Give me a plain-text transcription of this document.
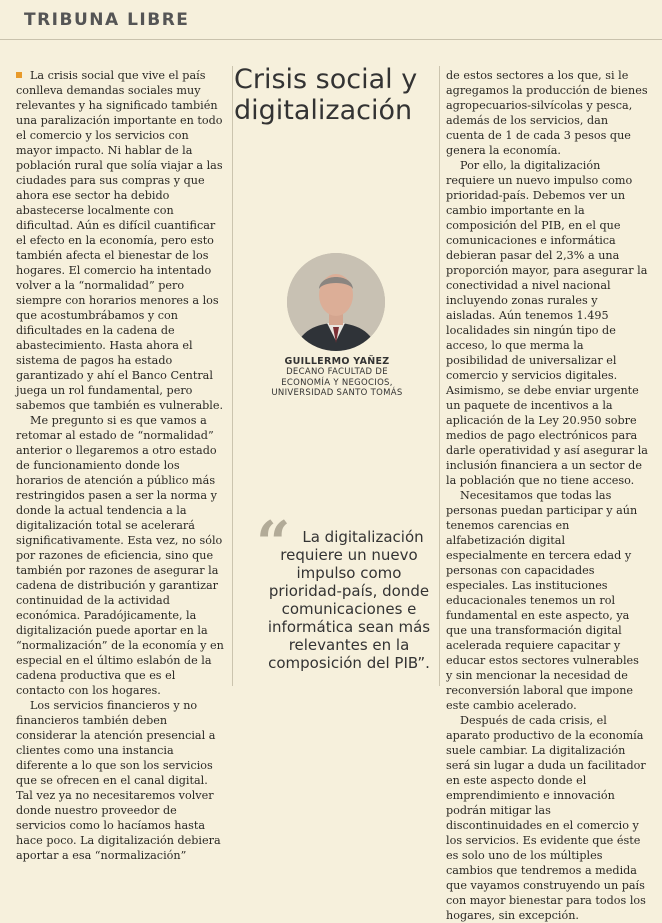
TRIBUNA LIBRE

La crisis social que vive el país conlleva demandas sociales muy relevantes y ha significado también una paralización importante en todo el comercio y los servicios con mayor impacto. Ni hablar de la población rural que solía viajar a las ciudades para sus compras y que ahora ese sector ha debido abastecerse localmente con dificultad. Aún es difícil cuantificar el efecto en la economía, pero esto también afecta el bienestar de los hogares. El comercio ha intentado volver a la “normalidad” pero siempre con horarios menores a los que acostumbrábamos y con dificultades en la cadena de abastecimiento. Hasta ahora el sistema de pagos ha estado garantizado y ahí el Banco Central juega un rol fundamental, pero sabemos que también es vulnerable.

Me pregunto si es que vamos a retomar al estado de “normalidad” anterior o llegaremos a otro estado de funcionamiento donde los horarios de atención a público más restringidos pasen a ser la norma y donde la actual tendencia a la digitalización total se acelerará significativamente. Esta vez, no sólo por razones de eficiencia, sino que también por razones de asegurar la cadena de distribución y garantizar continuidad de la actividad económica. Paradójicamente, la digitalización puede aportar en la “normalización” de la economía y en especial en el último eslabón de la cadena productiva que es el contacto con los hogares.

Los servicios financieros y no financieros también deben considerar la atención presencial a clientes como una instancia diferente a lo que son los servicios que se ofrecen en el canal digital. Tal vez ya no necesitaremos volver donde nuestro proveedor de servicios como lo hacíamos hasta hace poco. La digitalización debiera aportar a esa “normalización”

Crisis social y digitalización
GUILLERMO YAÑEZ
DECANO FACULTAD DE ECONOMÍA Y NEGOCIOS, UNIVERSIDAD SANTO TOMÁS
“ La digitalización requiere un nuevo impulso como prioridad-país, donde comunicaciones e informática sean más relevantes en la composición del PIB”.

de estos sectores a los que, si le agregamos la producción de bienes agropecuarios-silvícolas y pesca, además de los servicios, dan cuenta de 1 de cada 3 pesos que genera la economía.

Por ello, la digitalización requiere un nuevo impulso como prioridad-país. Debemos ver un cambio importante en la composición del PIB, en el que comunicaciones e informática debieran pasar del 2,3% a una proporción mayor, para asegurar la conectividad a nivel nacional incluyendo zonas rurales y aisladas. Aún tenemos 1.495 localidades sin ningún tipo de acceso, lo que merma la posibilidad de universalizar el comercio y servicios digitales. Asimismo, se debe enviar urgente un paquete de incentivos a la aplicación de la Ley 20.950 sobre medios de pago electrónicos para darle operatividad y así asegurar la inclusión financiera a un sector de la población que no tiene acceso.

Necesitamos que todas las personas puedan participar y aún tenemos carencias en alfabetización digital especialmente en tercera edad y personas con capacidades especiales. Las instituciones educacionales tenemos un rol fundamental en este aspecto, ya que una transformación digital acelerada requiere capacitar y educar estos sectores vulnerables y sin mencionar la necesidad de reconversión laboral que impone este cambio acelerado.

Después de cada crisis, el aparato productivo de la economía suele cambiar. La digitalización será sin lugar a duda un facilitador en este aspecto donde el emprendimiento e innovación podrán mitigar las discontinuidades en el comercio y los servicios. Es evidente que éste es solo uno de los múltiples cambios que tendremos a medida que vayamos construyendo un país con mayor bienestar para todos los hogares, sin excepción.
